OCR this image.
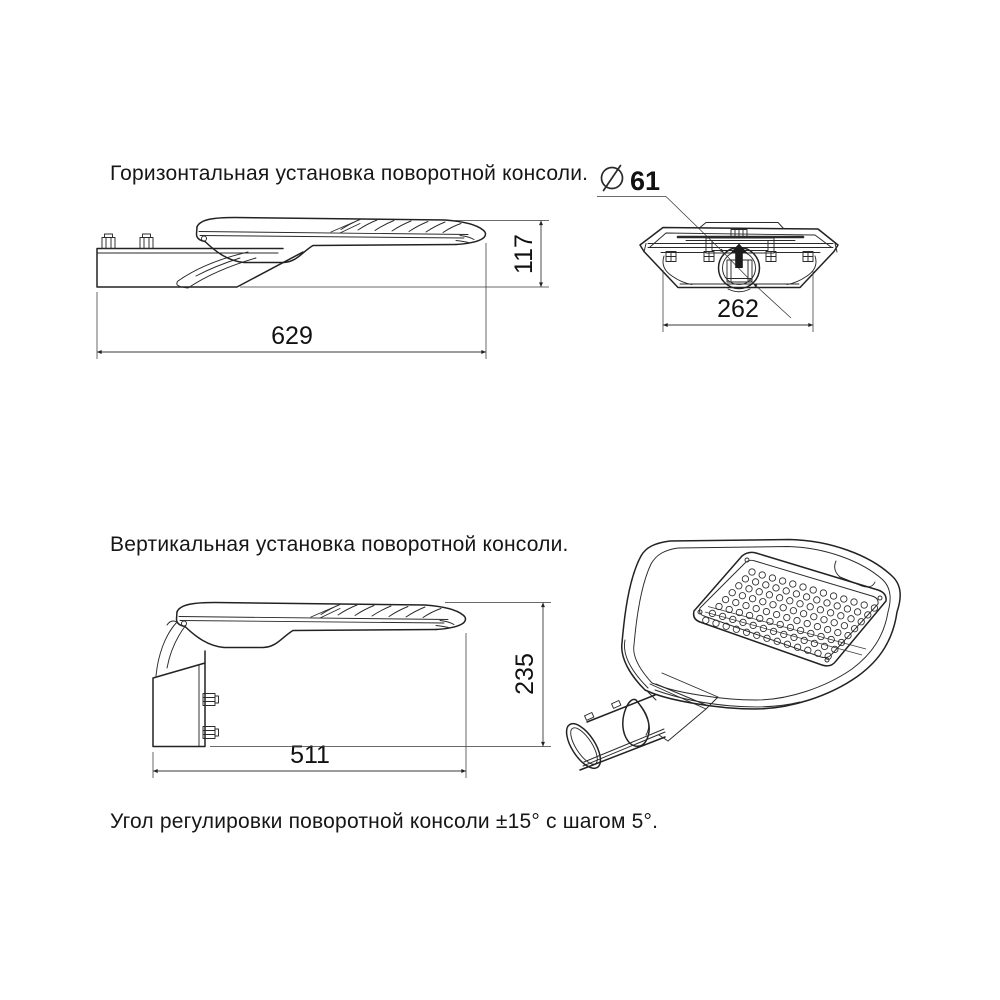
Горизонтальная установка поворотной консоли.
Вертикальная установка поворотной консоли.
Угол регулировки поворотной консоли ±15° с шагом 5°.
629
117
61
262
511
235
